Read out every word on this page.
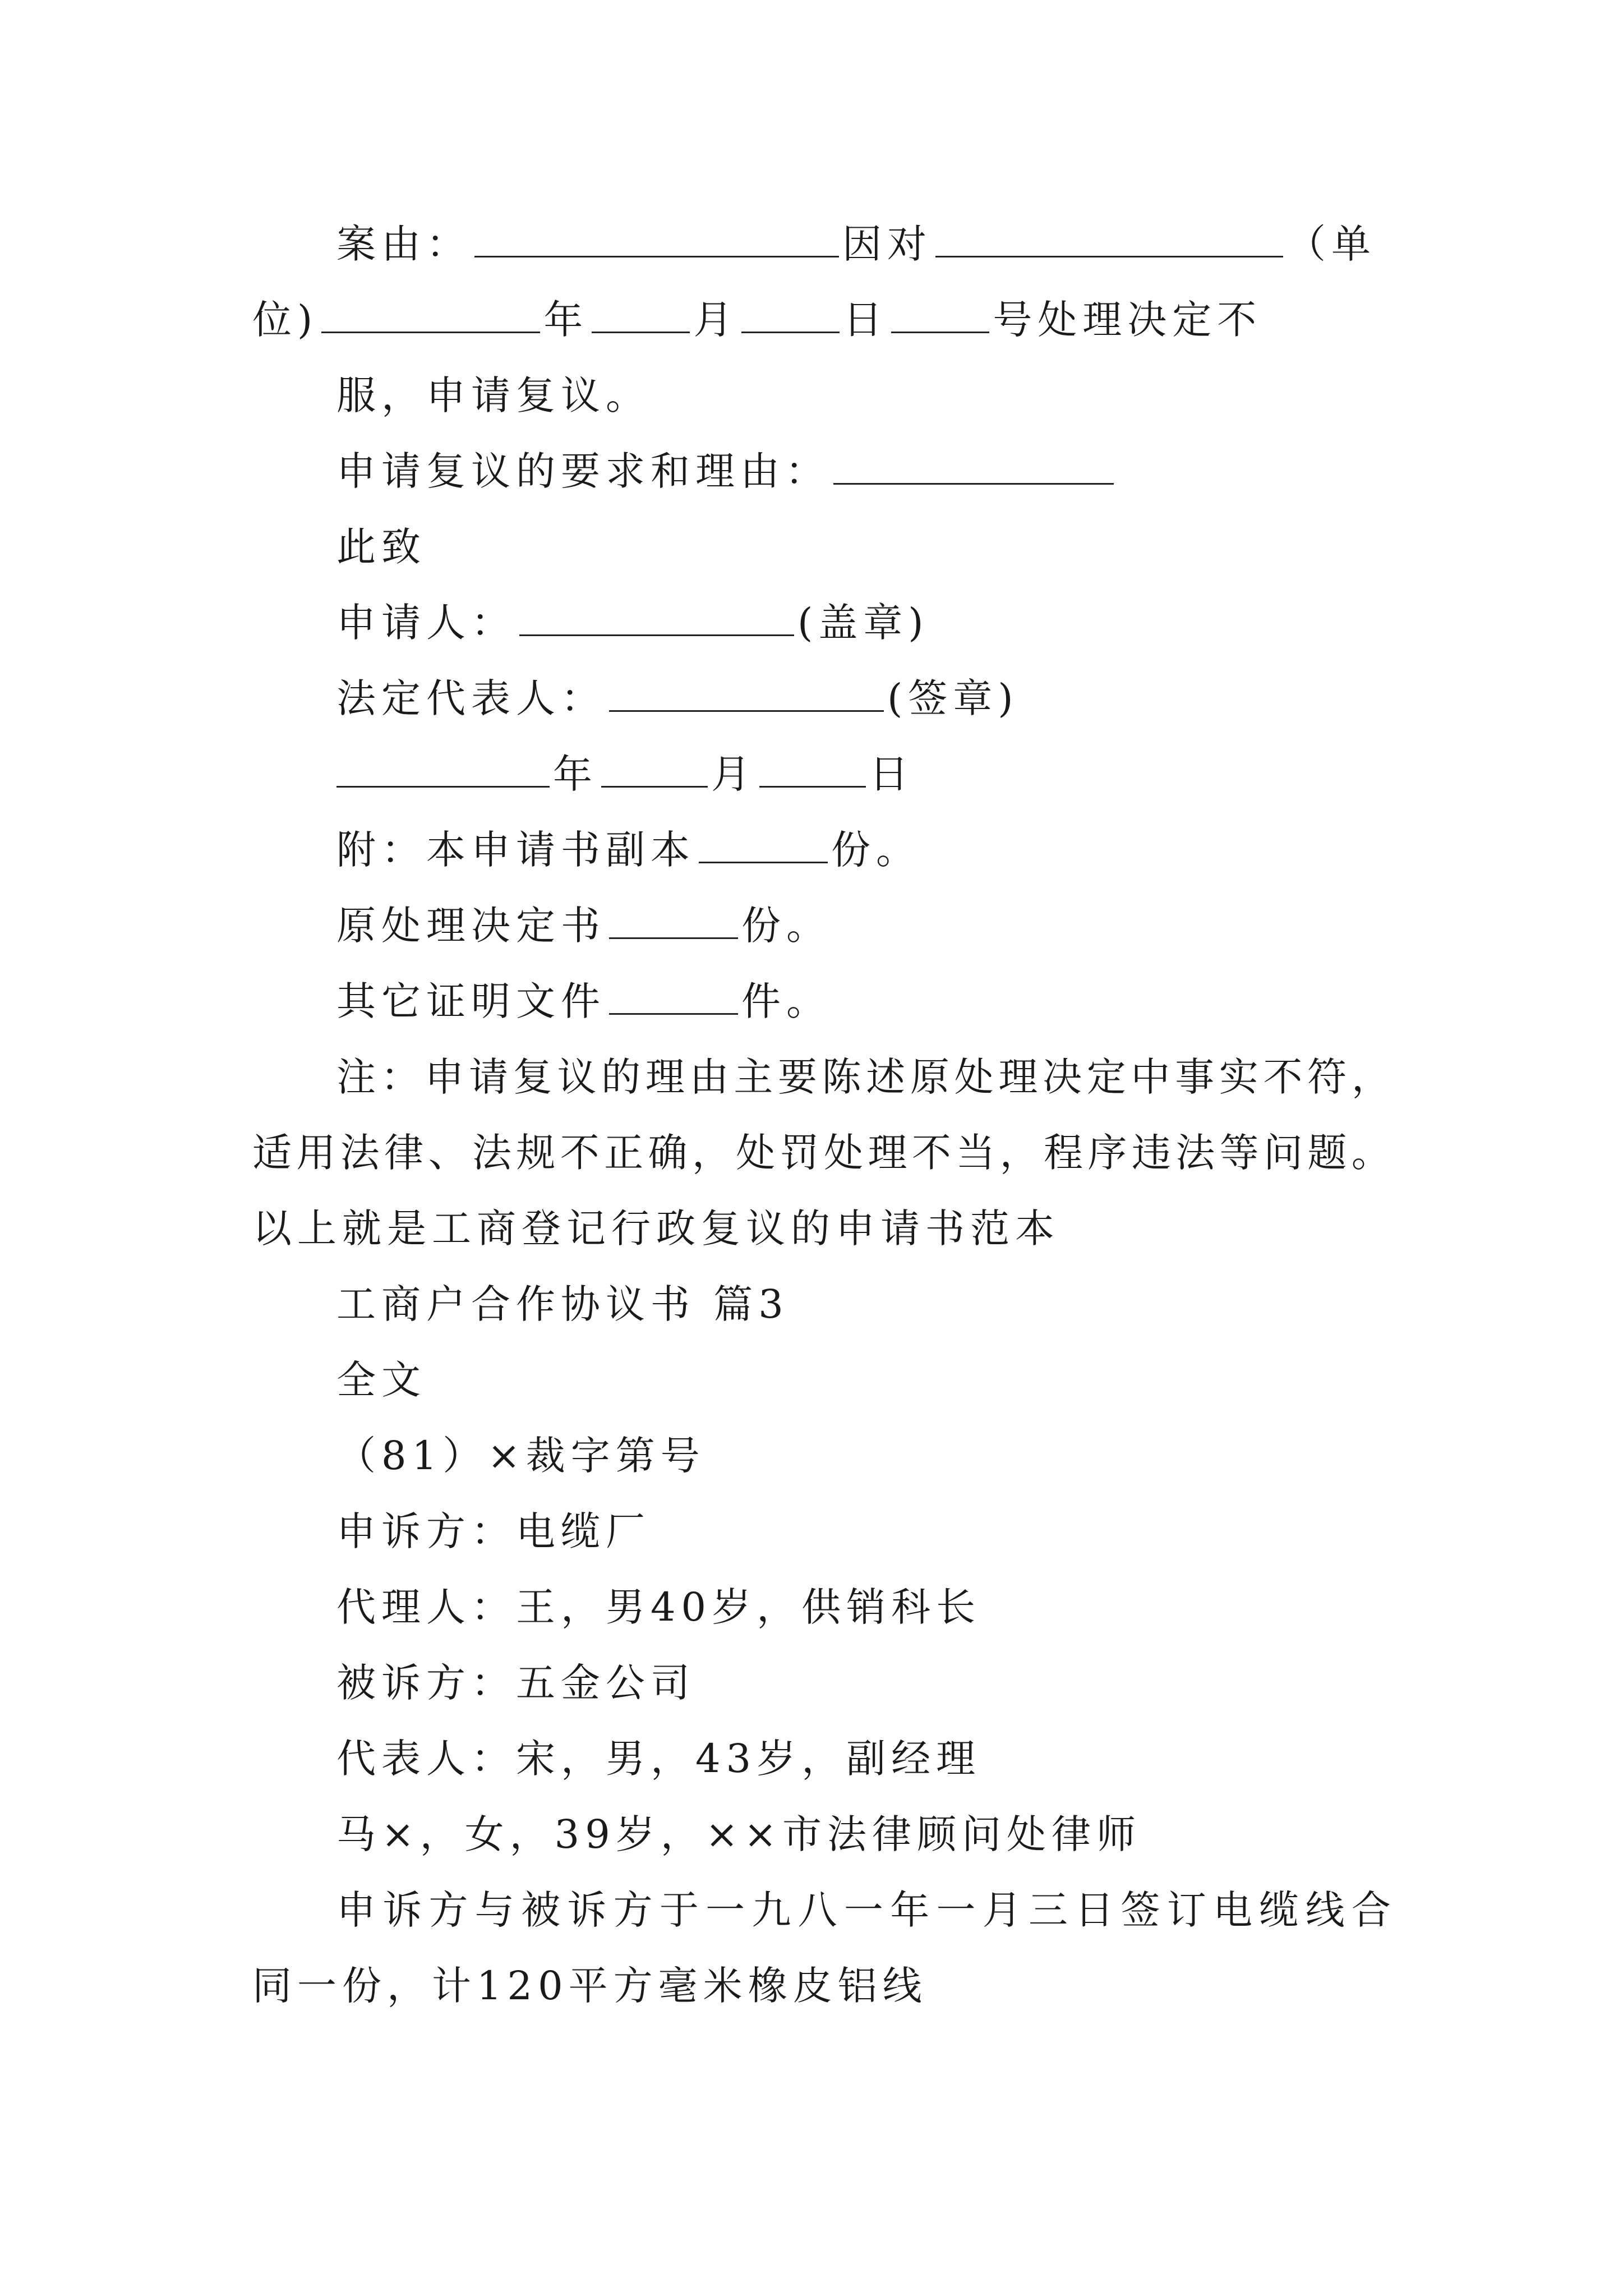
案由：	因对	（单
位)	年	月	日	号处理决定不
服，申请复议。
申请复议的要求和理由：
此致
申请人：	(盖章)
法定代表人：	(签章)
年	月	日
附：本申请书副本	份。
原处理决定书	份。
其它证明文件	件。
注 ： 申 请 复 议 的 理 由 主 要 陈 述 原 处 理 决 定 中 事 实 不 符 ，
适 用 法 律 、 法 规 不 正 确 ， 处 罚 处 理 不 当 ， 程 序 违 法 等 问 题 。
以上就是工商登记行政复议的申请书范本
工商户合作协议书 篇3
全文
（81）×裁字第号
申诉方：电缆厂
代理人：王，男40岁，供销科长
被诉方：五金公司
代表人：宋，男，43岁，副经理
马×，女，39岁，××市法律顾问处律师
申 诉 方 与 被 诉 方 于 一 九 八 一 年 一 月 三 日 签 订 电 缆 线 合
同一份，计120平方毫米橡皮铝线
